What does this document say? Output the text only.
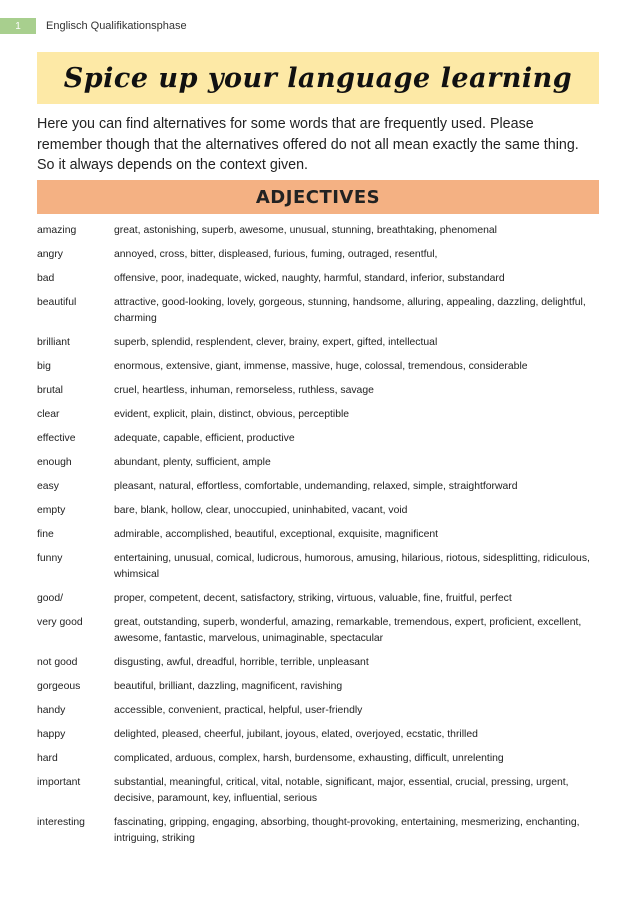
1	Englisch Qualifikationsphase
Spice up your language learning
Here you can find alternatives for some words that are frequently used. Please remember though that the alternatives offered do not all mean exactly the same thing. So it always depends on the context given.
ADJECTIVES
amazing	great, astonishing, superb, awesome, unusual, stunning, breathtaking, phenomenal
angry	annoyed, cross, bitter, displeased, furious, fuming, outraged, resentful,
bad	offensive, poor, inadequate, wicked, naughty, harmful, standard, inferior, substandard
beautiful	attractive, good-looking, lovely, gorgeous, stunning, handsome, alluring, appealing, dazzling, delightful, charming
brilliant	superb, splendid, resplendent, clever, brainy, expert, gifted, intellectual
big	enormous, extensive, giant, immense, massive, huge, colossal, tremendous, considerable
brutal	cruel, heartless, inhuman, remorseless, ruthless, savage
clear	evident, explicit, plain, distinct, obvious, perceptible
effective	adequate, capable, efficient, productive
enough	abundant, plenty, sufficient, ample
easy	pleasant, natural, effortless, comfortable, undemanding, relaxed, simple, straightforward
empty	bare, blank, hollow, clear, unoccupied, uninhabited, vacant, void
fine	admirable, accomplished, beautiful, exceptional, exquisite, magnificent
funny	entertaining, unusual, comical, ludicrous, humorous, amusing, hilarious, riotous, sidesplitting, ridiculous, whimsical
good/	proper, competent, decent, satisfactory, striking, virtuous, valuable, fine, fruitful, perfect
very good	great, outstanding, superb, wonderful, amazing, remarkable, tremendous, expert, proficient, excellent, awesome, fantastic, marvelous, unimaginable, spectacular
not good	disgusting, awful, dreadful, horrible, terrible, unpleasant
gorgeous	beautiful, brilliant, dazzling, magnificent, ravishing
handy	accessible, convenient, practical, helpful, user-friendly
happy	delighted, pleased, cheerful, jubilant, joyous, elated, overjoyed, ecstatic, thrilled
hard	complicated, arduous, complex, harsh, burdensome, exhausting, difficult, unrelenting
important	substantial, meaningful, critical, vital, notable, significant, major, essential, crucial, pressing, urgent, decisive, paramount, key, influential, serious
interesting	fascinating, gripping, engaging, absorbing, thought-provoking, entertaining, mesmerizing, enchanting, intriguing, striking
